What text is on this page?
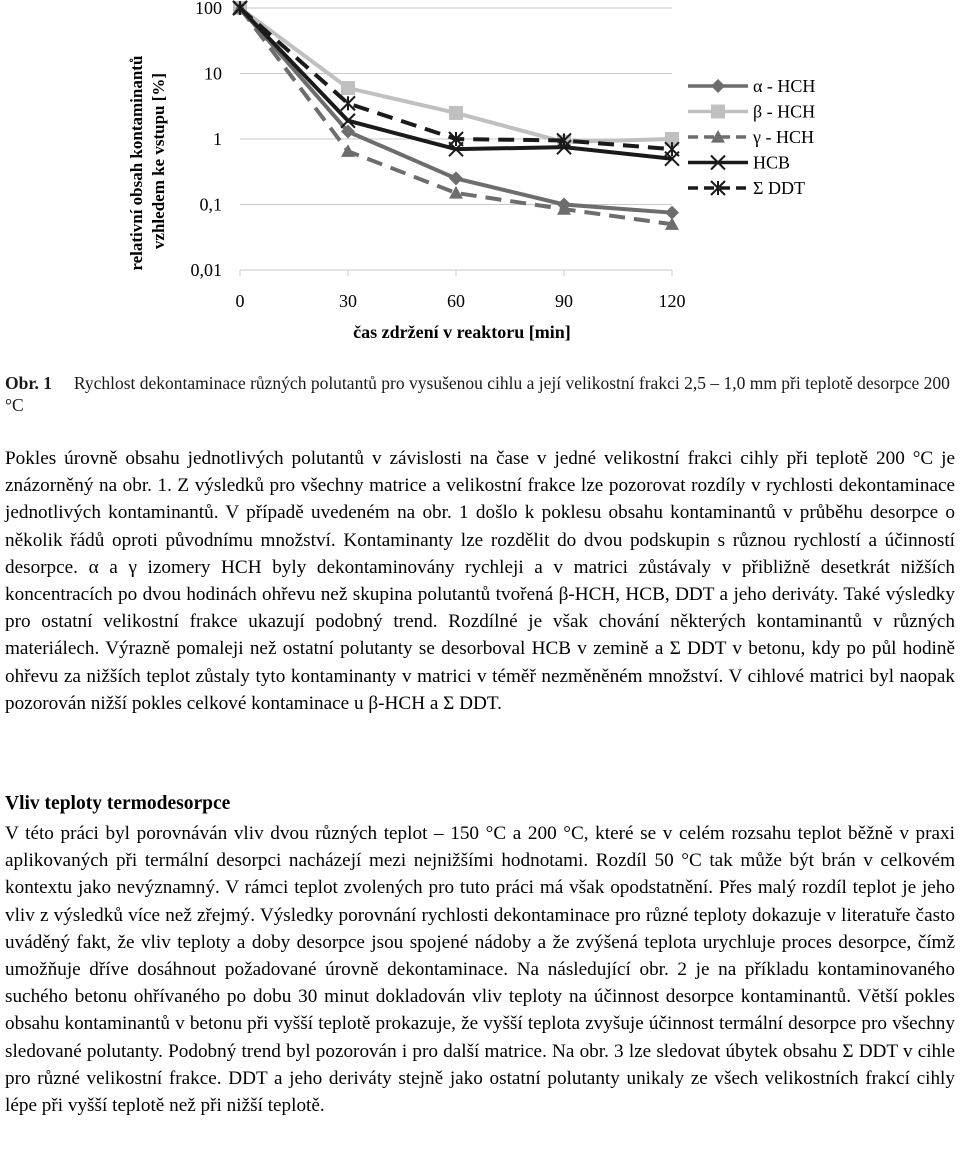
100
10
1
0,1
0,01
0	30	60	90	120
α - HCH
β - HCH
γ - HCH
HCB
Σ DDT
relativní obsah kontaminantů vzhledem ke vstupu [%]
čas zdržení v reaktoru [min]

Obr. 1 Rychlost dekontaminace různých polutantů pro vysušenou cihlu a její velikostní frakci 2,5 – 1,0 mm při teplotě desorpce 200 °C

Pokles úrovně obsahu jednotlivých polutantů v závislosti na čase v jedné velikostní frakci cihly při teplotě 200 °C je znázorněný na obr. 1. Z výsledků pro všechny matrice a velikostní frakce lze pozorovat rozdíly v rychlosti dekontaminace jednotlivých kontaminantů. V případě uvedeném na obr. 1 došlo k poklesu obsahu kontaminantů v průběhu desorpce o několik řádů oproti původnímu množství. Kontaminanty lze rozdělit do dvou podskupin s různou rychlostí a účinností desorpce. α a γ izomery HCH byly dekontaminovány rychleji a v matrici zůstávaly v přibližně desetkrát nižších koncentracích po dvou hodinách ohřevu než skupina polutantů tvořená β-HCH, HCB, DDT a jeho deriváty. Také výsledky pro ostatní velikostní frakce ukazují podobný trend. Rozdílné je však chování některých kontaminantů v různých materiálech. Výrazně pomaleji než ostatní polutanty se desorboval HCB v zemině a Σ DDT v betonu, kdy po půl hodině ohřevu za nižších teplot zůstaly tyto kontaminanty v matrici v téměř nezměněném množství. V cihlové matrici byl naopak pozorován nižší pokles celkové kontaminace u β-HCH a Σ DDT.

Vliv teploty termodesorpce

V této práci byl porovnáván vliv dvou různých teplot – 150 °C a 200 °C, které se v celém rozsahu teplot běžně v praxi aplikovaných při termální desorpci nacházejí mezi nejnižšími hodnotami. Rozdíl 50 °C tak může být brán v celkovém kontextu jako nevýznamný. V rámci teplot zvolených pro tuto práci má však opodstatnění. Přes malý rozdíl teplot je jeho vliv z výsledků více než zřejmý. Výsledky porovnání rychlosti dekontaminace pro různé teploty dokazuje v literatuře často uváděný fakt, že vliv teploty a doby desorpce jsou spojené nádoby a že zvýšená teplota urychluje proces desorpce, čímž umožňuje dříve dosáhnout požadované úrovně dekontaminace. Na následující obr. 2 je na příkladu kontaminovaného suchého betonu ohřívaného po dobu 30 minut dokladován vliv teploty na účinnost desorpce kontaminantů. Větší pokles obsahu kontaminantů v betonu při vyšší teplotě prokazuje, že vyšší teplota zvyšuje účinnost termální desorpce pro všechny sledované polutanty. Podobný trend byl pozorován i pro další matrice. Na obr. 3 lze sledovat úbytek obsahu Σ DDT v cihle pro různé velikostní frakce. DDT a jeho deriváty stejně jako ostatní polutanty unikaly ze všech velikostních frakcí cihly lépe při vyšší teplotě než při nižší teplotě.
